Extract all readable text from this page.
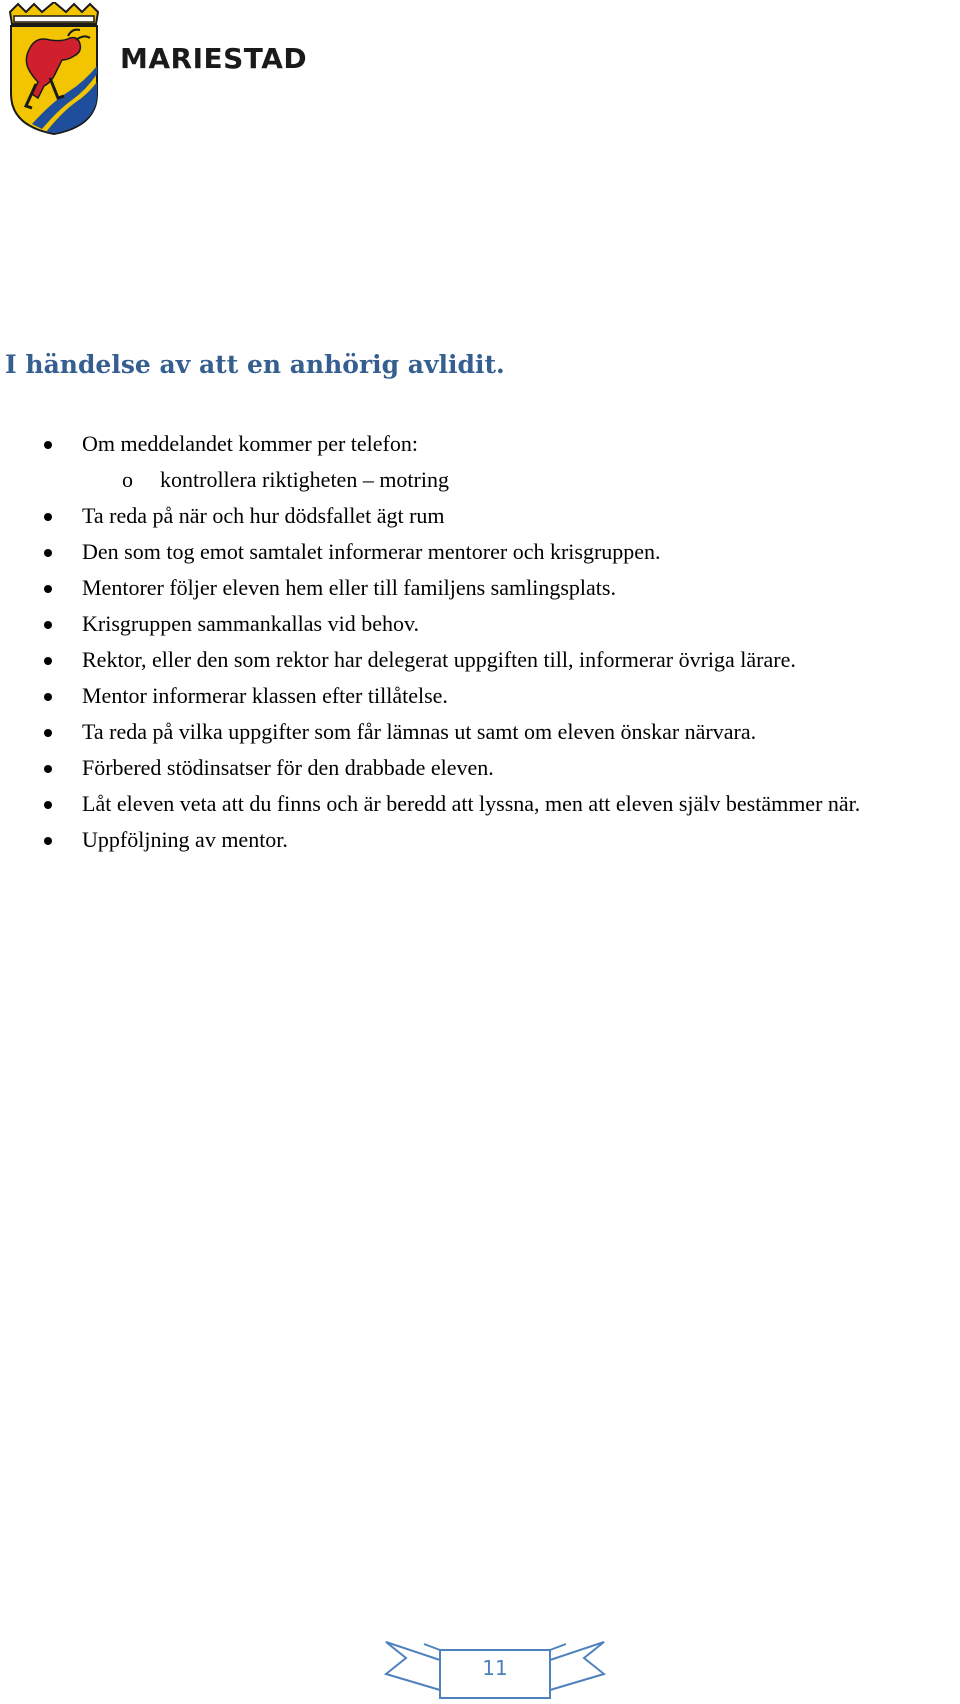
MARIESTAD
I händelse av att en anhörig avlidit.
Om meddelandet kommer per telefon:
o kontrollera riktigheten – motring
Ta reda på när och hur dödsfallet ägt rum
Den som tog emot samtalet informerar mentorer och krisgruppen.
Mentorer följer eleven hem eller till familjens samlingsplats.
Krisgruppen sammankallas vid behov.
Rektor, eller den som rektor har delegerat uppgiften till, informerar övriga lärare.
Mentor informerar klassen efter tillåtelse.
Ta reda på vilka uppgifter som får lämnas ut samt om eleven önskar närvara.
Förbered stödinsatser för den drabbade eleven.
Låt eleven veta att du finns och är beredd att lyssna, men att eleven själv bestämmer när.
Uppföljning av mentor.
11
